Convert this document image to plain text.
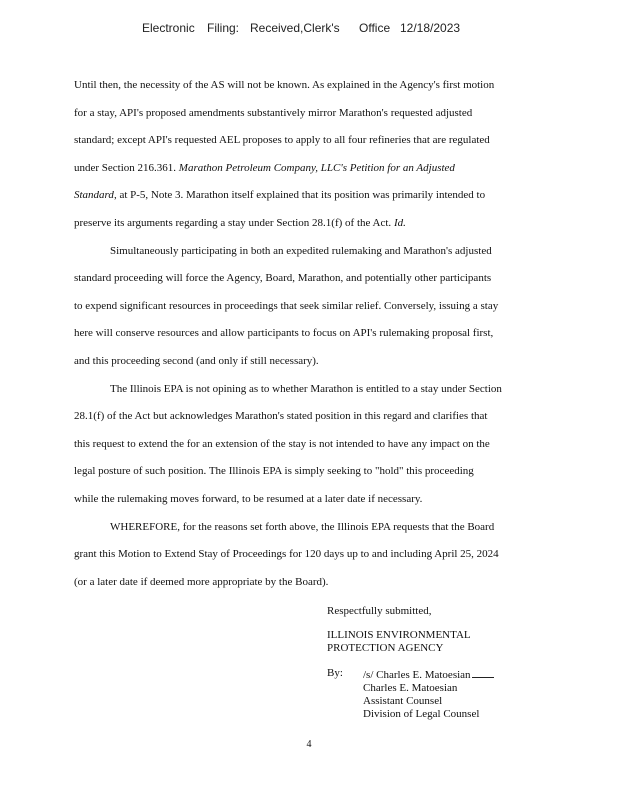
Electronic

Filing:

Received,Clerk's

Office

12/18/2023

Until then, the necessity of the AS will not be known. As explained in the Agency's first motion
for a stay, API's proposed amendments substantively mirror Marathon's requested adjusted
standard; except API's requested AEL proposes to apply to all four refineries that are regulated
under Section 216.361. Marathon Petroleum Company, LLC's Petition for an Adjusted
Standard, at P-5, Note 3. Marathon itself explained that its position was primarily intended to
preserve its arguments regarding a stay under Section 28.1(f) of the Act. Id.
Simultaneously participating in both an expedited rulemaking and Marathon's adjusted
standard proceeding will force the Agency, Board, Marathon, and potentially other participants
to expend significant resources in proceedings that seek similar relief. Conversely, issuing a stay
here will conserve resources and allow participants to focus on API's rulemaking proposal first,
and this proceeding second (and only if still necessary).
The Illinois EPA is not opining as to whether Marathon is entitled to a stay under Section
28.1(f) of the Act but acknowledges Marathon's stated position in this regard and clarifies that
this request to extend the for an extension of the stay is not intended to have any impact on the
legal posture of such position. The Illinois EPA is simply seeking to "hold" this proceeding
while the rulemaking moves forward, to be resumed at a later date if necessary.
WHEREFORE, for the reasons set forth above, the Illinois EPA requests that the Board
grant this Motion to Extend Stay of Proceedings for 120 days up to and including April 25, 2024
(or a later date if deemed more appropriate by the Board).
Respectfully submitted,
ILLINOIS ENVIRONMENTAL
PROTECTION AGENCY
By: /s/ Charles E. Matoesian
Charles E. Matoesian
Assistant Counsel
Division of Legal Counsel
4
